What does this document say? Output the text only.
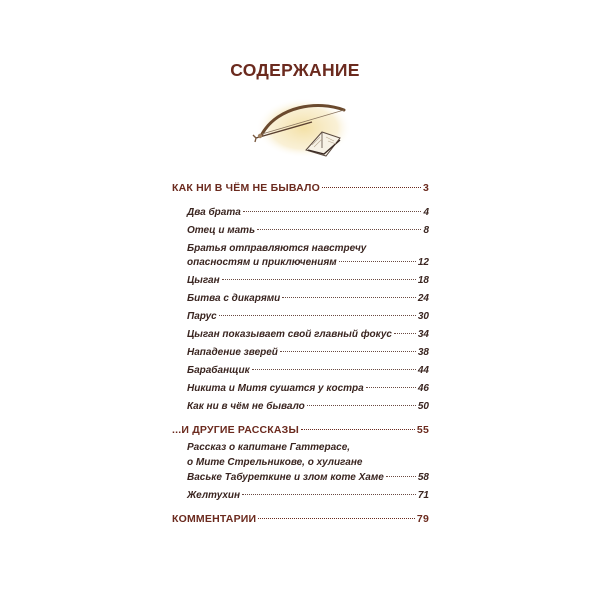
СОДЕРЖАНИЕ
КАК НИ В ЧЁМ НЕ БЫВАЛО	3
Два брата	4
Отец и мать	8
Братья отправляются навстречу
опасностям и приключениям	12
Цыган	18
Битва с дикарями	24
Парус	30
Цыган показывает свой главный фокус	34
Нападение зверей	38
Барабанщик	44
Никита и Митя сушатся у костра	46
Как ни в чём не бывало	50
...И ДРУГИЕ РАССКАЗЫ	55
Рассказ о капитане Гаттерасе,
о Мите Стрельникове, о хулигане
Ваське Табуреткине и злом коте Хаме	58
Желтухин	71
КОММЕНТАРИИ	79
